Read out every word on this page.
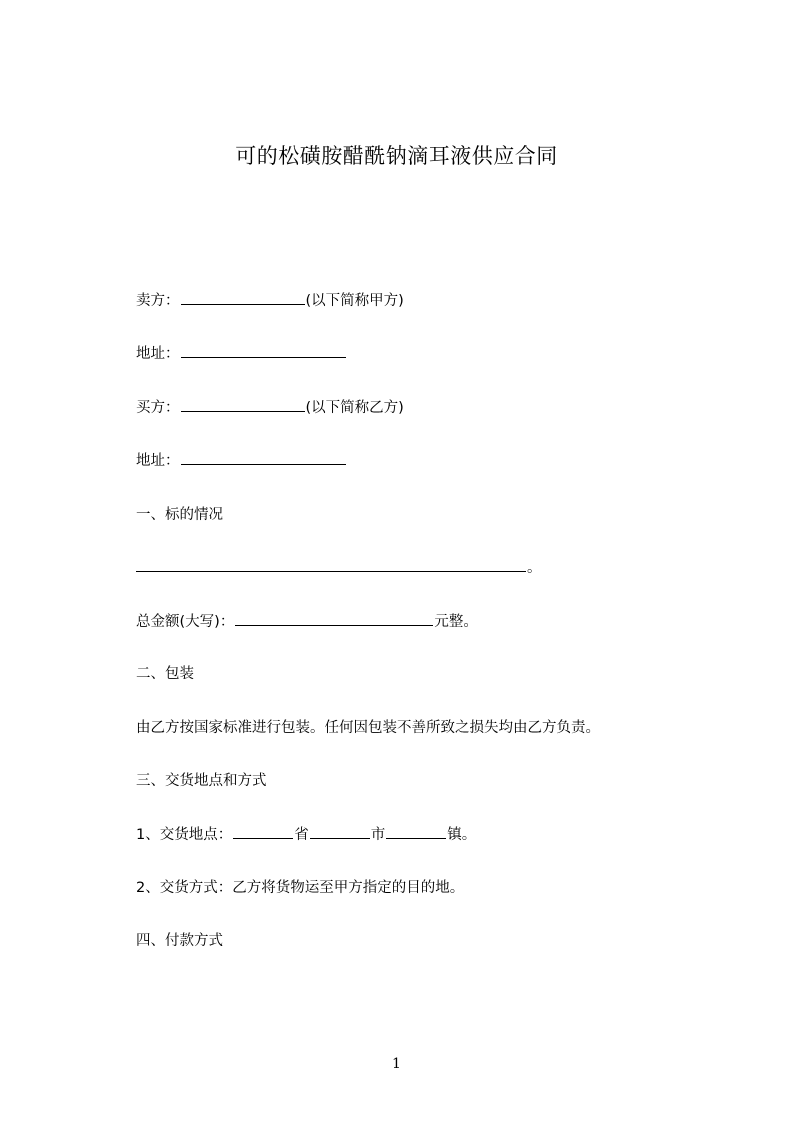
可的松磺胺醋酰钠滴耳液供应合同
卖方：	(以下简称甲方)
地址：
买方：	(以下简称乙方)
地址：
一、标的情况
。
总金额(大写)：	元整。
二、包装
由乙方按国家标准进行包装。任何因包装不善所致之损失均由乙方负责。
三、交货地点和方式
1、交货地点：	省	市	镇。
2、交货方式：乙方将货物运至甲方指定的目的地。
四、付款方式
1
